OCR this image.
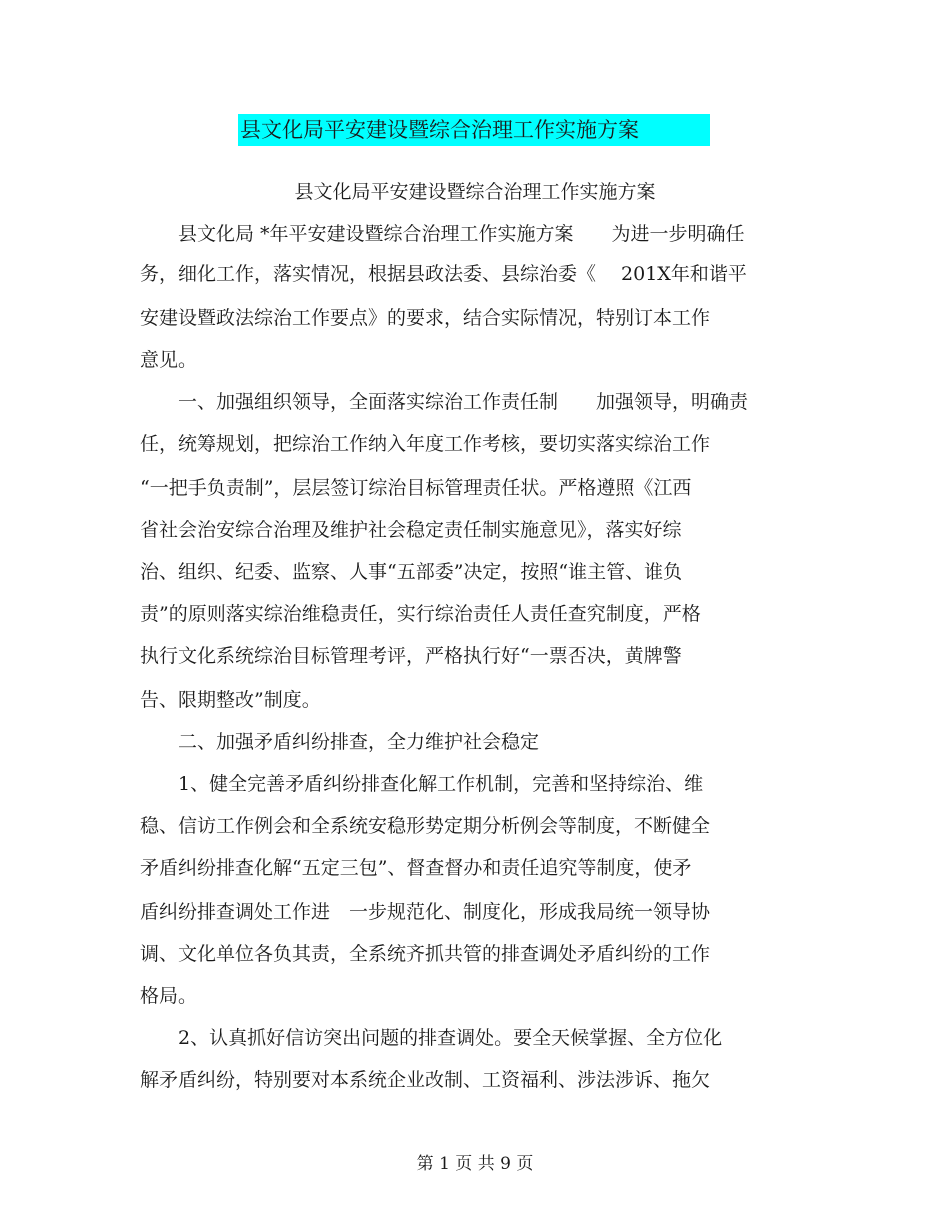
县文化局平安建设暨综合治理工作实施方案
县文化局平安建设暨综合治理工作实施方案
　　县文化局 *年平安建设暨综合治理工作实施方案　　为进一步明确任
务，细化工作，落实情况，根据县政法委、县综治委《　 201X年和谐平
安建设暨政法综治工作要点》的要求，结合实际情况，特别订本工作
意见。
　　一、加强组织领导，全面落实综治工作责任制　　加强领导，明确责
任，统筹规划，把综治工作纳入年度工作考核，要切实落实综治工作
“一把手负责制”，层层签订综治目标管理责任状。严格遵照《江西
省社会治安综合治理及维护社会稳定责任制实施意见》，落实好综
治、组织、纪委、监察、人事“五部委”决定，按照“谁主管、谁负
责”的原则落实综治维稳责任，实行综治责任人责任查究制度，严格
执行文化系统综治目标管理考评，严格执行好“一票否决，黄牌警
告、限期整改”制度。
　　二、加强矛盾纠纷排查，全力维护社会稳定
　　1、健全完善矛盾纠纷排查化解工作机制，完善和坚持综治、维
稳、信访工作例会和全系统安稳形势定期分析例会等制度，不断健全
矛盾纠纷排查化解“五定三包”、督查督办和责任追究等制度，使矛
盾纠纷排查调处工作进　一步规范化、制度化，形成我局统一领导协
调、文化单位各负其责，全系统齐抓共管的排查调处矛盾纠纷的工作
格局。
　　2、认真抓好信访突出问题的排查调处。要全天候掌握、全方位化
解矛盾纠纷，特别要对本系统企业改制、工资福利、涉法涉诉、拖欠
第 1 页 共 9 页
